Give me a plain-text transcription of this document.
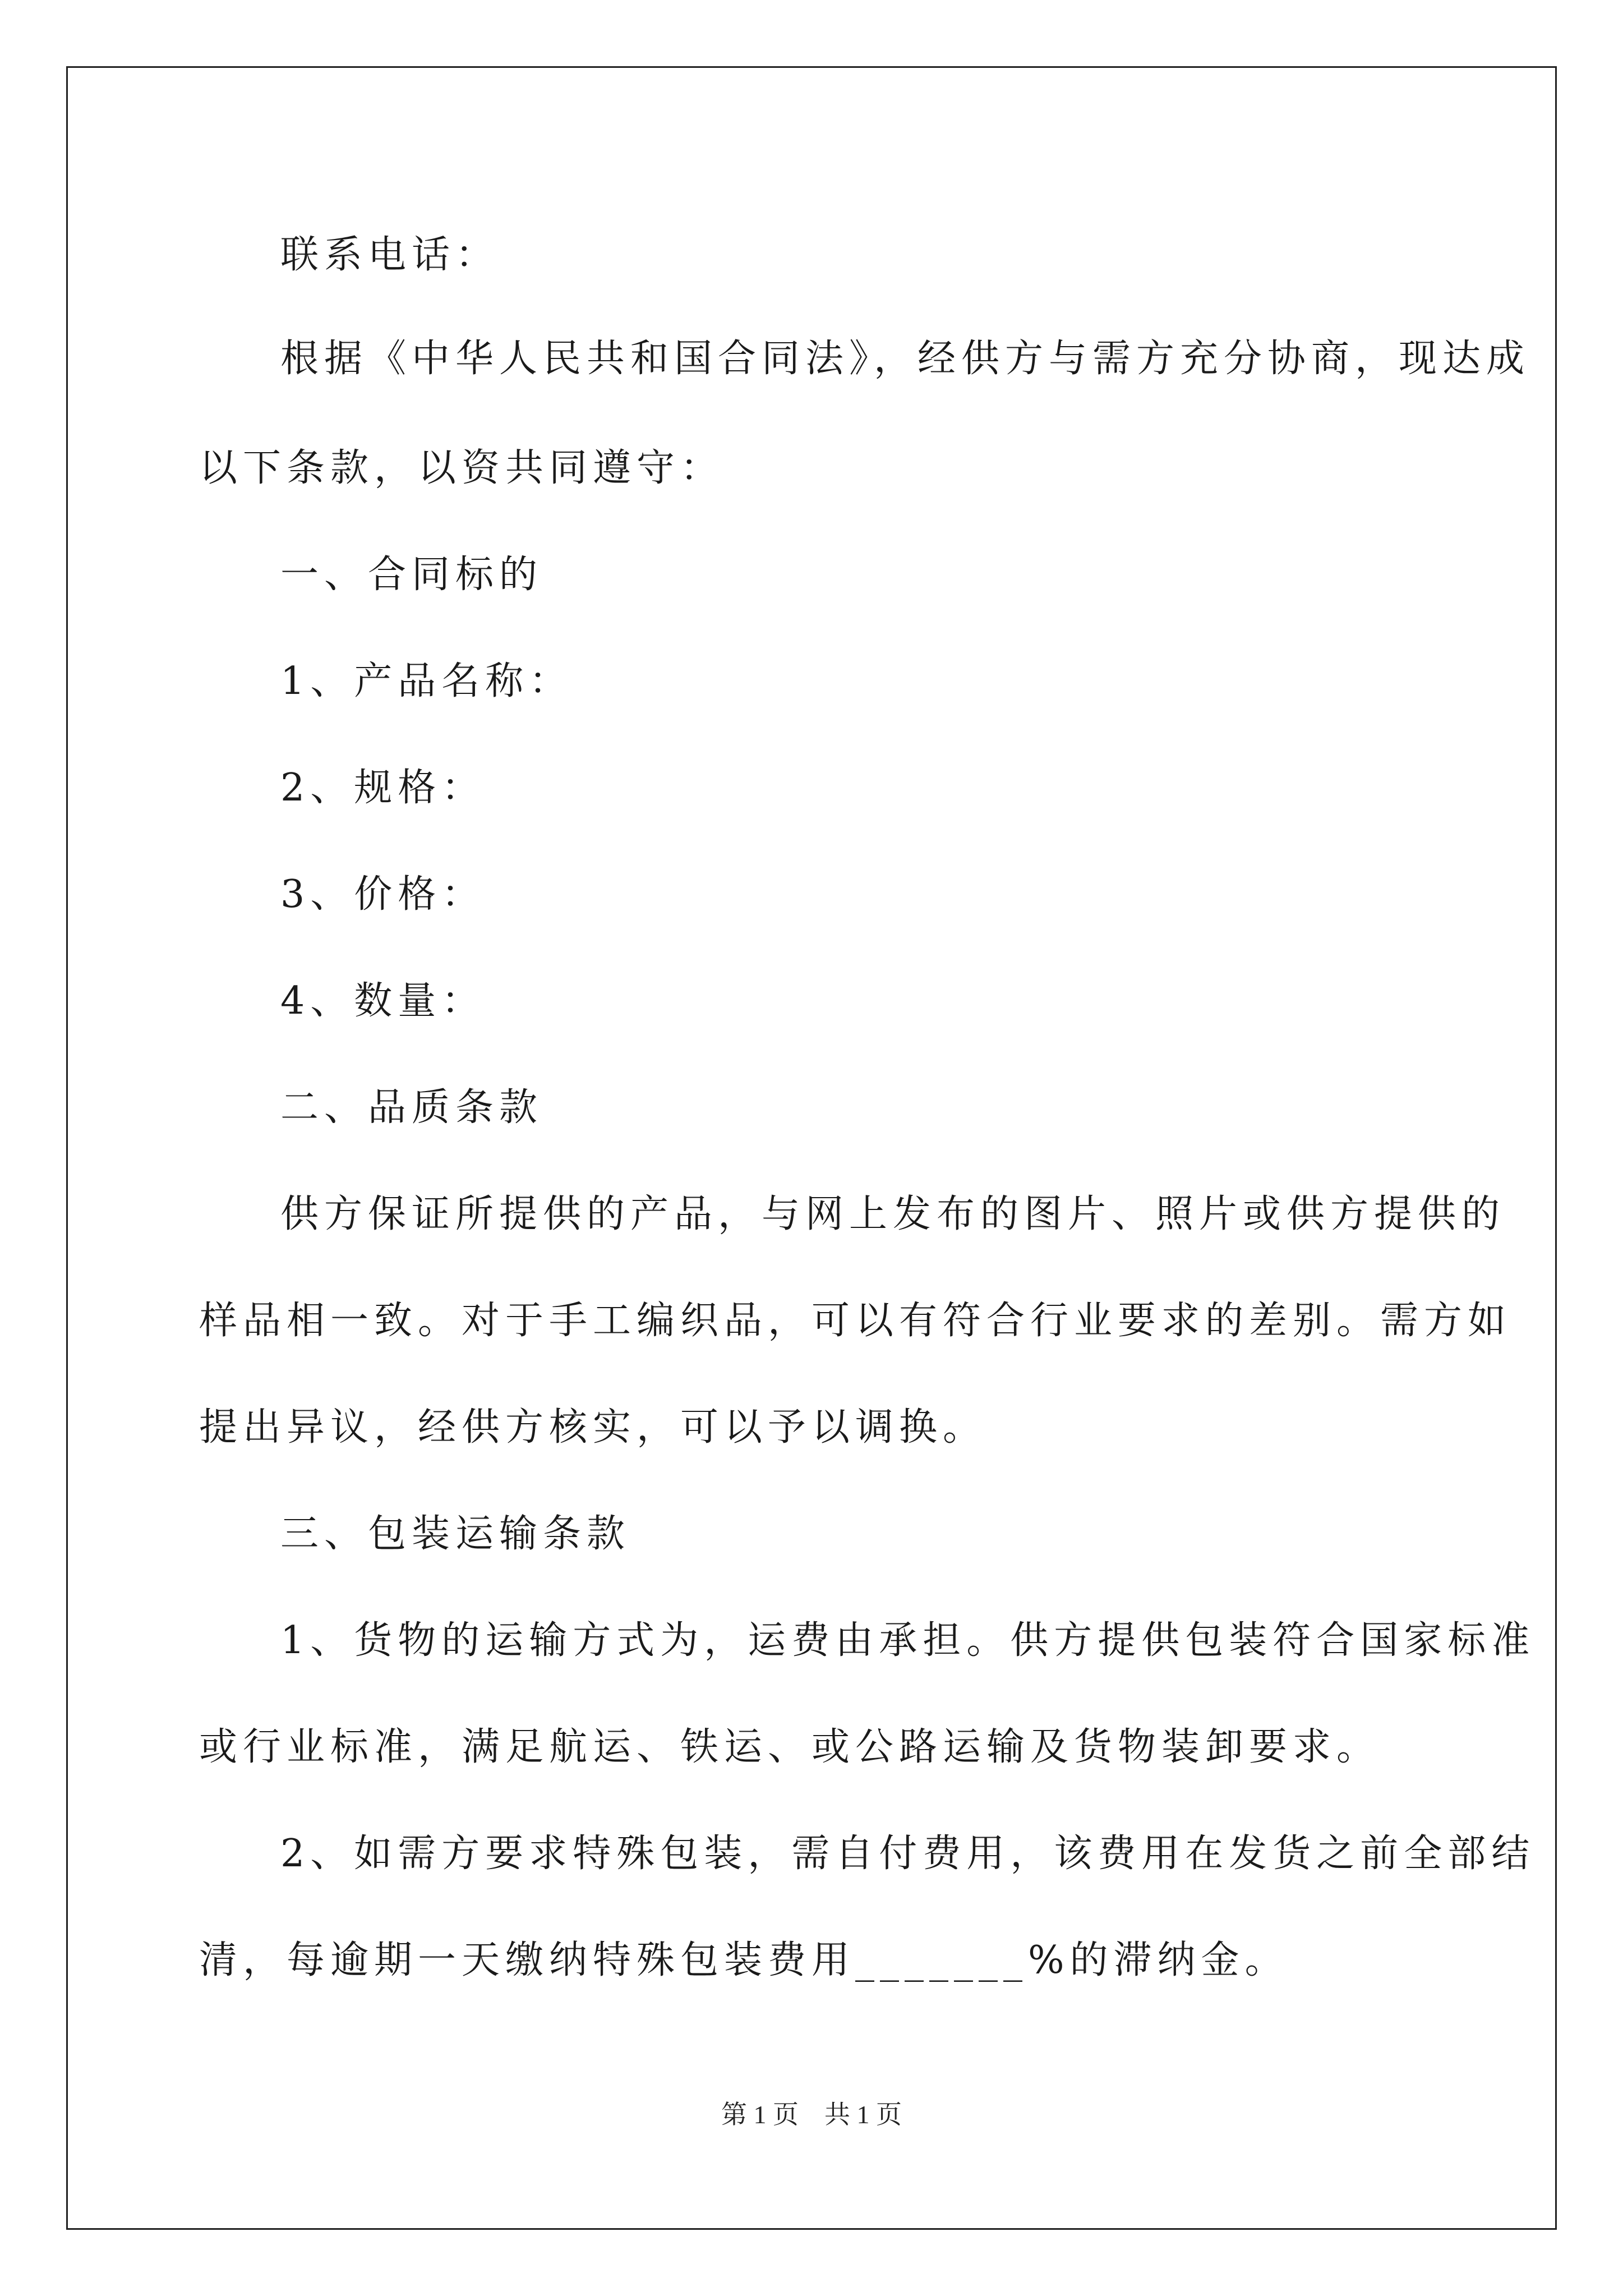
联系电话：
根据《中华人民共和国合同法》，经供方与需方充分协商，现达成
以下条款，以资共同遵守：
一、合同标的
1、产品名称：
2、规格：
3、价格：
4、数量：
二、品质条款
供方保证所提供的产品，与网上发布的图片、照片或供方提供的
样品相一致。对于手工编织品，可以有符合行业要求的差别。需方如
提出异议，经供方核实，可以予以调换。
三、包装运输条款
1、货物的运输方式为，运费由承担。供方提供包装符合国家标准
或行业标准，满足航运、铁运、或公路运输及货物装卸要求。
2、如需方要求特殊包装，需自付费用，该费用在发货之前全部结
清，每逾期一天缴纳特殊包装费用_______%的滞纳金。
第 1 页　共 1 页
